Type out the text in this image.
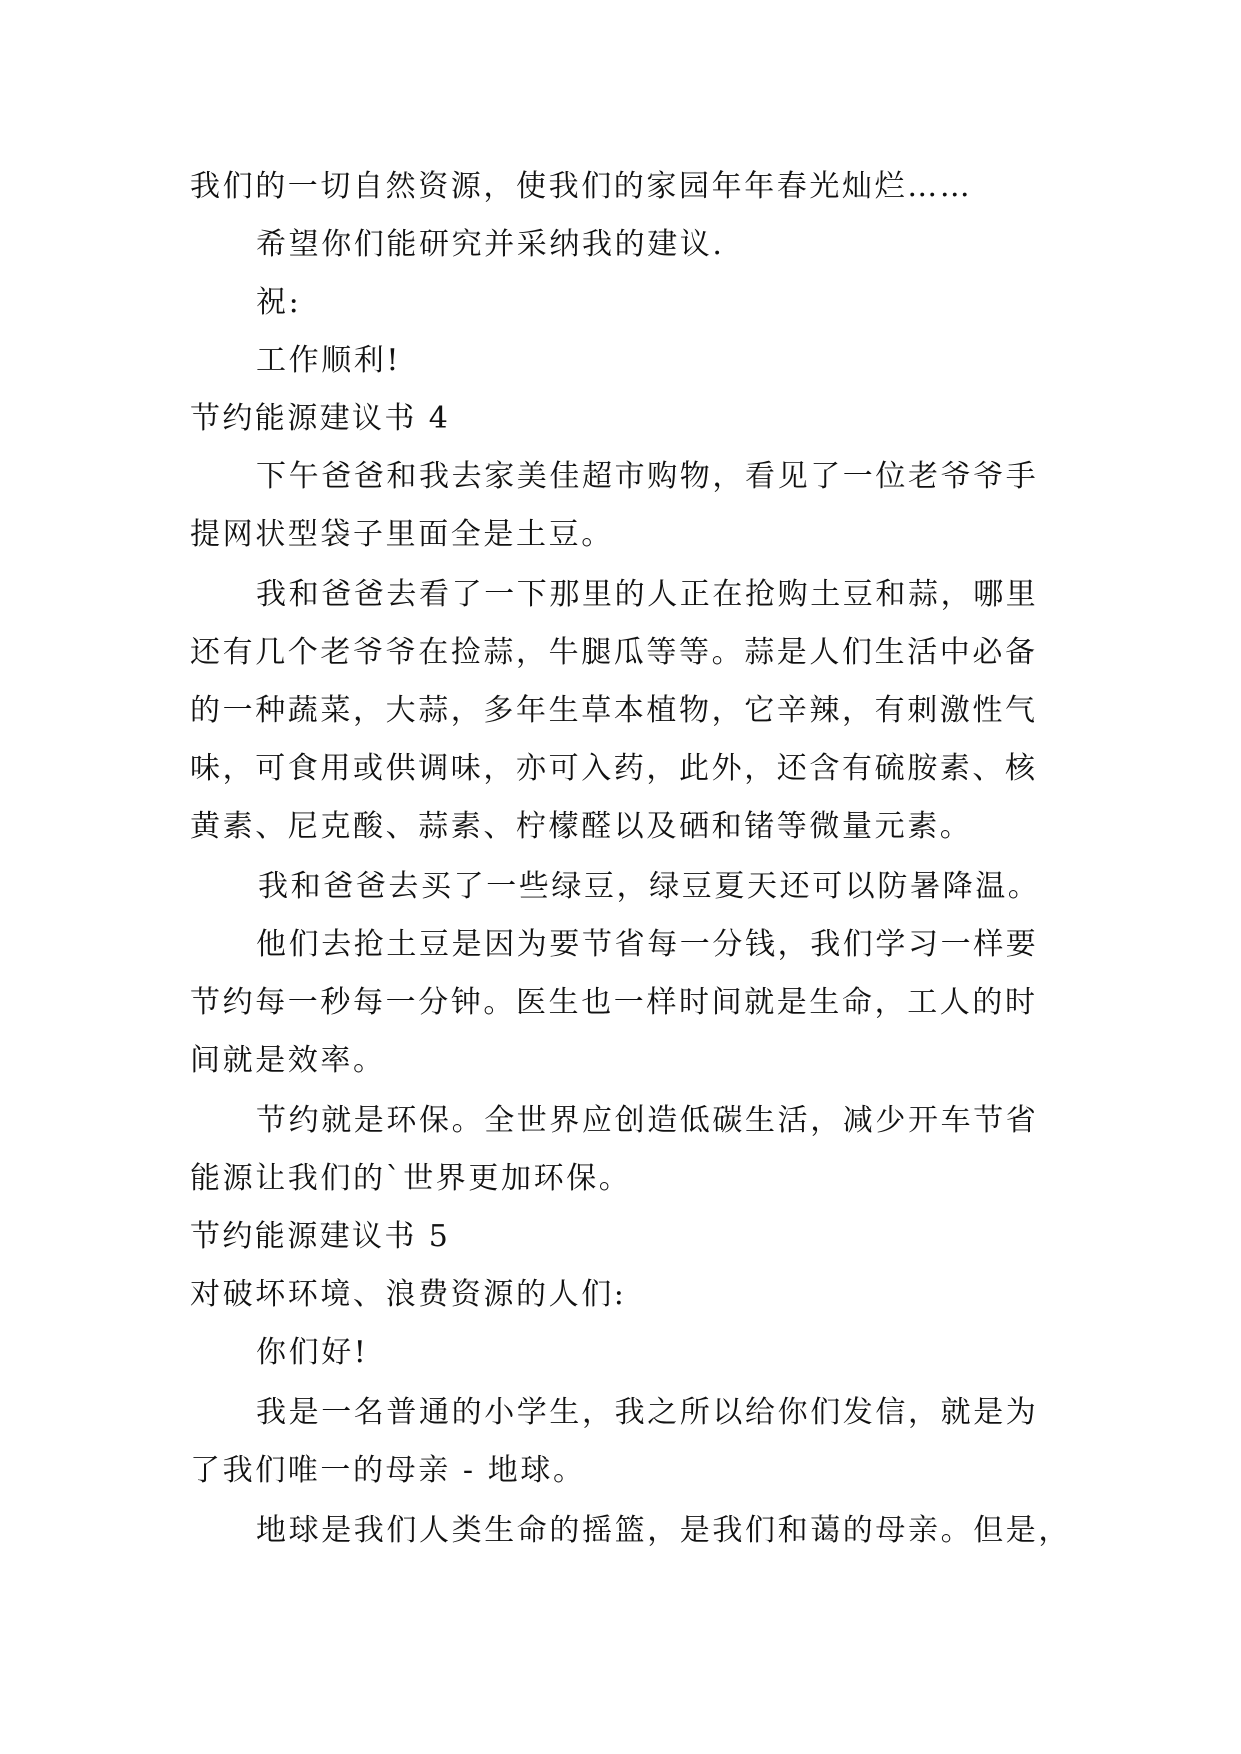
我们的一切自然资源，使我们的家园年年春光灿烂……
希望你们能研究并采纳我的建议.
祝:
工作顺利!
节约能源建议书 4
下午爸爸和我去家美佳超市购物，看见了一位老爷爷手
提网状型袋子里面全是土豆。
我和爸爸去看了一下那里的人正在抢购土豆和蒜，哪里
还有几个老爷爷在捡蒜，牛腿瓜等等。蒜是人们生活中必备
的一种蔬菜，大蒜，多年生草本植物，它辛辣，有刺激性气
味，可食用或供调味，亦可入药，此外，还含有硫胺素、核
黄素、尼克酸、蒜素、柠檬醛以及硒和锗等微量元素。
我和爸爸去买了一些绿豆，绿豆夏天还可以防暑降温。
他们去抢土豆是因为要节省每一分钱，我们学习一样要
节约每一秒每一分钟。医生也一样时间就是生命，工人的时
间就是效率。
节约就是环保。全世界应创造低碳生活，减少开车节省
能源让我们的`世界更加环保。
节约能源建议书 5
对破坏环境、浪费资源的人们:
你们好!
我是一名普通的小学生，我之所以给你们发信，就是为
了我们唯一的母亲 - 地球。
地球是我们人类生命的摇篮，是我们和蔼的母亲。但是，
